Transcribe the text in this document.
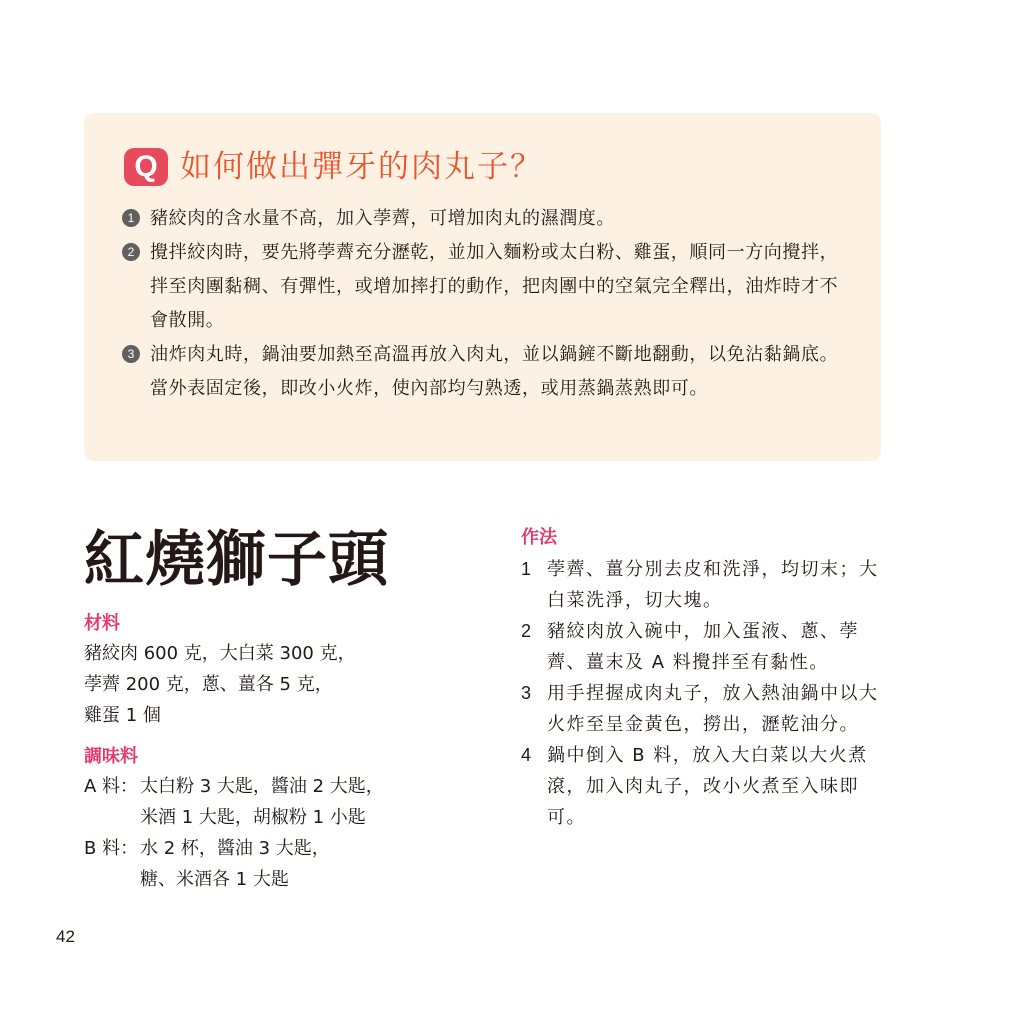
Q 如何做出彈牙的肉丸子？
1 豬絞肉的含水量不高，加入荸薺，可增加肉丸的濕潤度。
2 攪拌絞肉時，要先將荸薺充分瀝乾，並加入麵粉或太白粉、雞蛋，順同一方向攪拌，拌至肉團黏稠、有彈性，或增加摔打的動作，把肉團中的空氣完全釋出，油炸時才不會散開。
3 油炸肉丸時，鍋油要加熱至高溫再放入肉丸，並以鍋鏟不斷地翻動，以免沾黏鍋底。當外表固定後，即改小火炸，使內部均勻熟透，或用蒸鍋蒸熟即可。
紅燒獅子頭
材料
豬絞肉 600 克，大白菜 300 克，
荸薺 200 克，蔥、薑各 5 克，
雞蛋 1 個
調味料
A 料： 太白粉 3 大匙，醬油 2 大匙，
米酒 1 大匙，胡椒粉 1 小匙
B 料： 水 2 杯，醬油 3 大匙，
糖、米酒各 1 大匙
作法
1 荸薺、薑分別去皮和洗淨，均切末；大白菜洗淨，切大塊。
2 豬絞肉放入碗中，加入蛋液、蔥、荸薺、薑末及 A 料攪拌至有黏性。
3 用手捏握成肉丸子，放入熱油鍋中以大火炸至呈金黃色，撈出，瀝乾油分。
4 鍋中倒入 B 料，放入大白菜以大火煮滾，加入肉丸子，改小火煮至入味即可。
42
